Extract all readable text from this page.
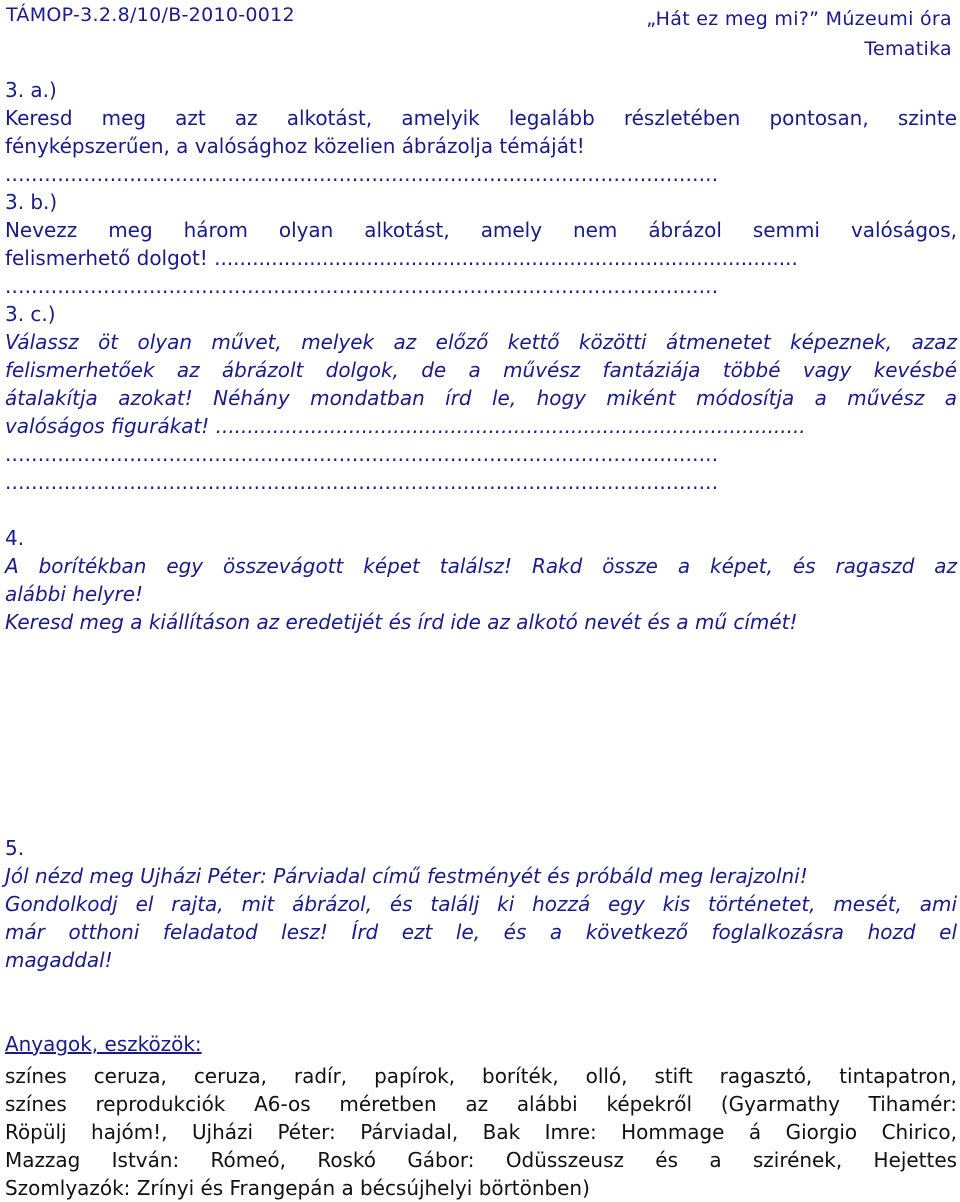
TÁMOP-3.2.8/10/B-2010-0012	„Hát ez meg mi?” Múzeumi óra
Tematika
3. a.)
Keresd meg azt az alkotást, amelyik legalább részletében pontosan, szinte
fényképszerűen, a valósághoz közelien ábrázolja témáját!
.............................................................................................................
3. b.)
Nevezz meg három olyan alkotást, amely nem ábrázol semmi valóságos,
felismerhető dolgot! ............................................................................................
.............................................................................................................
3. c.)
Válassz öt olyan művet, melyek az előző kettő közötti átmenetet képeznek, azaz
felismerhetőek az ábrázolt dolgok, de a művész fantáziája többé vagy kevésbé
átalakítja azokat! Néhány mondatban írd le, hogy miként módosítja a művész a
valóságos figurákat! .............................................................................................
.............................................................................................................
.............................................................................................................
4.
A borítékban egy összevágott képet találsz! Rakd össze a képet, és ragaszd az
alábbi helyre!
Keresd meg a kiállításon az eredetijét és írd ide az alkotó nevét és a mű címét!
5.
Jól nézd meg Ujházi Péter: Párviadal című festményét és próbáld meg lerajzolni!
Gondolkodj el rajta, mit ábrázol, és találj ki hozzá egy kis történetet, mesét, ami
már otthoni feladatod lesz! Írd ezt le, és a következő foglalkozásra hozd el
magaddal!
Anyagok, eszközök:
színes ceruza, ceruza, radír, papírok, boríték, olló, stift ragasztó, tintapatron,
színes reprodukciók A6-os méretben az alábbi képekről (Gyarmathy Tihamér:
Röpülj hajóm!, Ujházi Péter: Párviadal, Bak Imre: Hommage á Giorgio Chirico,
Mazzag István: Rómeó, Roskó Gábor: Odüsszeusz és a szirének, Hejettes
Szomlyazók: Zrínyi és Frangepán a bécsújhelyi börtönben)
